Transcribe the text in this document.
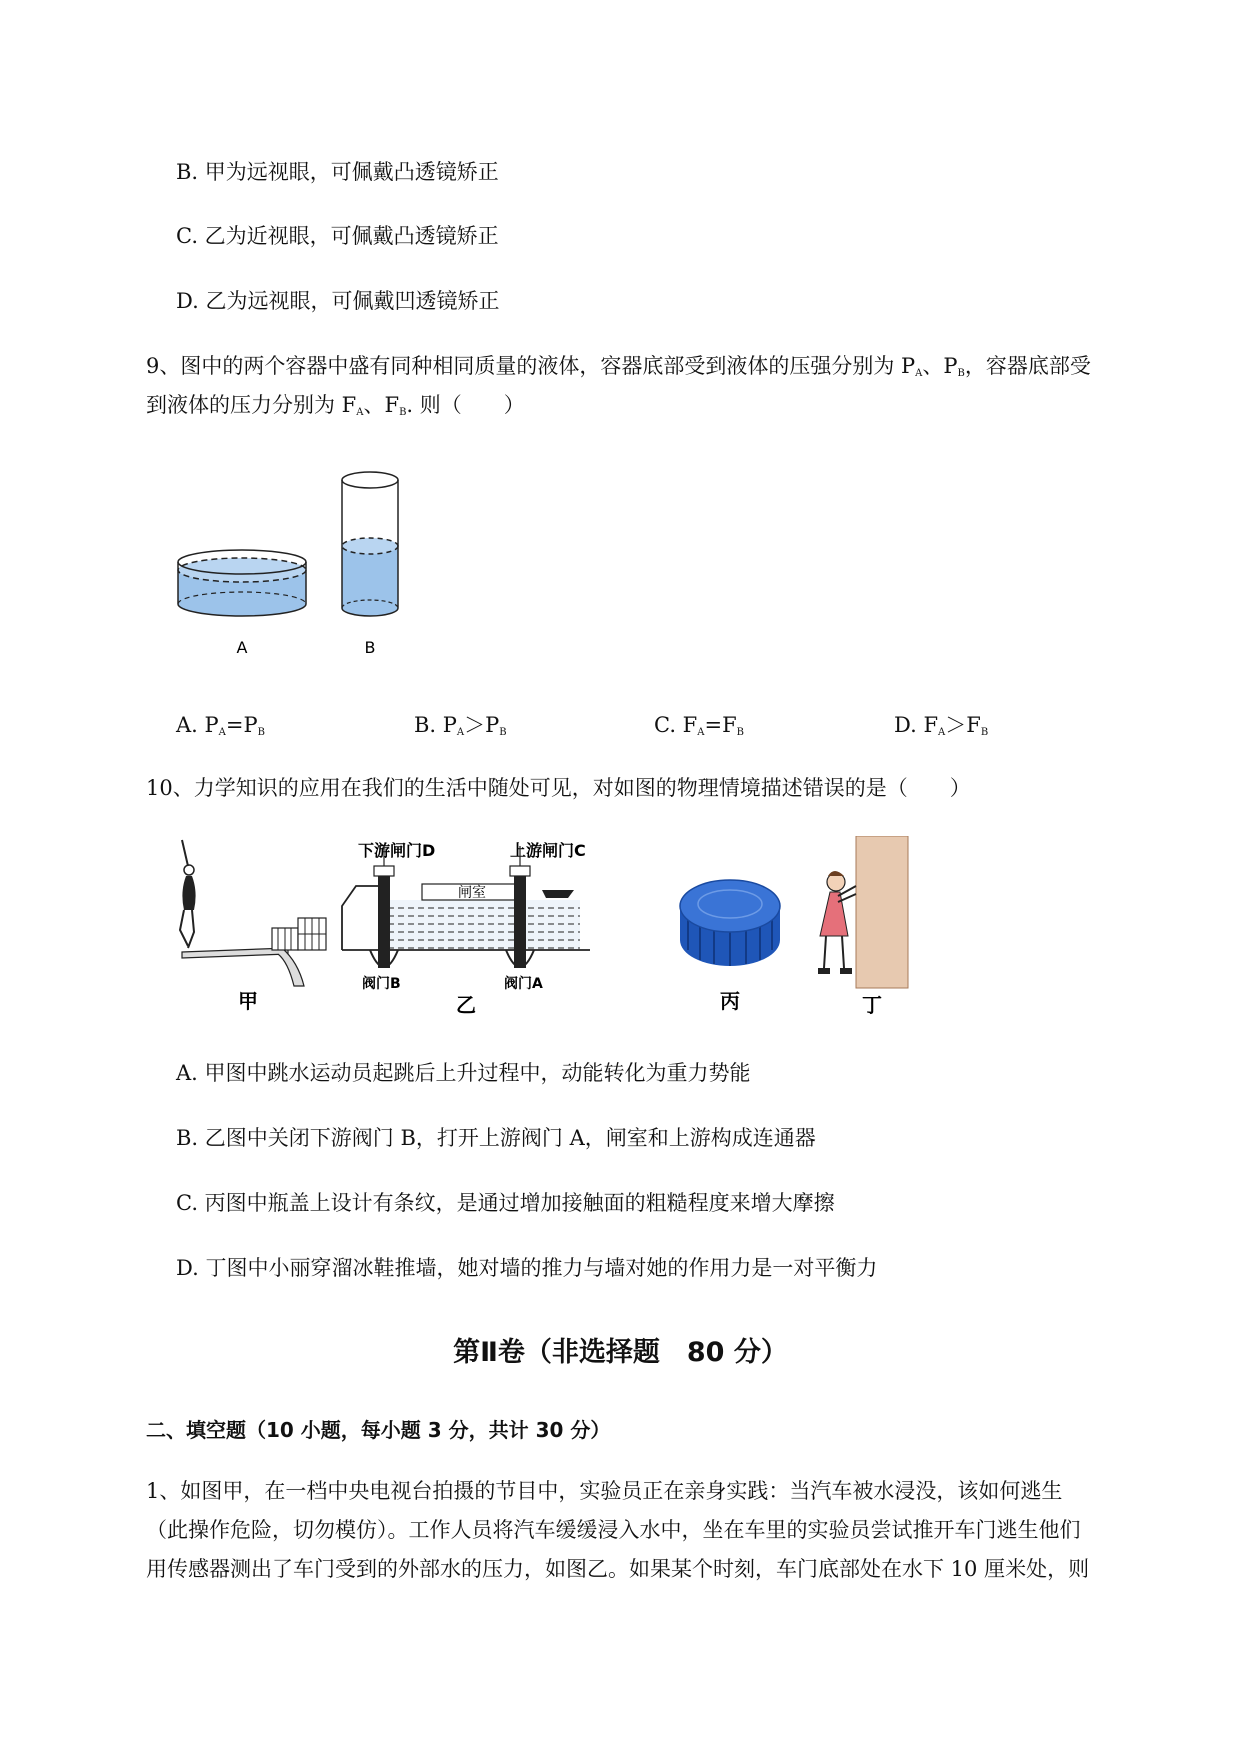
B. 甲为远视眼，可佩戴凸透镜矫正
C. 乙为近视眼，可佩戴凸透镜矫正
D. 乙为远视眼，可佩戴凹透镜矫正
9、图中的两个容器中盛有同种相同质量的液体，容器底部受到液体的压强分别为 $P_A$、$P_B$，容器底部受
到液体的压力分别为 $F_A$、$F_B$. 则（　　）
A	B
A. $P_A=P_B$	B. $P_A>P_B$	C. $F_A=F_B$	D. $F_A>F_B$
10、力学知识的应用在我们的生活中随处可见，对如图的物理情境描述错误的是（　　）
甲
下游闸门D	上游闸门C
闸室
阀门B	阀门A
乙	丙	丁
A. 甲图中跳水运动员起跳后上升过程中，动能转化为重力势能
B. 乙图中关闭下游阀门 B，打开上游阀门 A，闸室和上游构成连通器
C. 丙图中瓶盖上设计有条纹，是通过增加接触面的粗糙程度来增大摩擦
D. 丁图中小丽穿溜冰鞋推墙，她对墙的推力与墙对她的作用力是一对平衡力
第Ⅱ卷（非选择题　80 分）
二、填空题（10 小题，每小题 3 分，共计 30 分）
1、如图甲，在一档中央电视台拍摄的节目中，实验员正在亲身实践：当汽车被水浸没，该如何逃生
（此操作危险，切勿模仿）。工作人员将汽车缓缓浸入水中，坐在车里的实验员尝试推开车门逃生他们
用传感器测出了车门受到的外部水的压力，如图乙。如果某个时刻，车门底部处在水下 10 厘米处，则
